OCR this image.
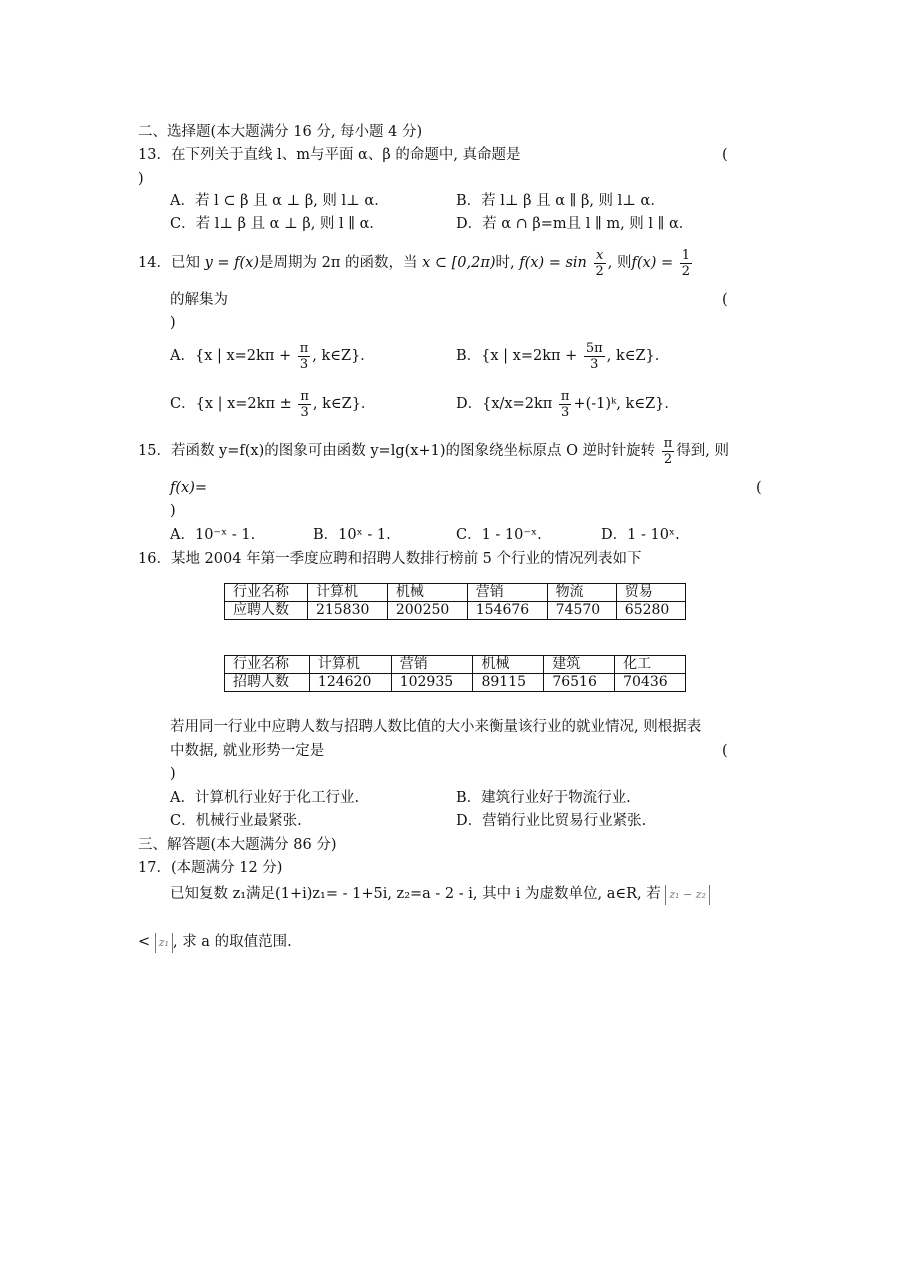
二、选择题(本大题满分 16 分, 每小题 4 分)
13．在下列关于直线 l、m与平面 α、β 的命题中, 真命题是	(
)
A．若 l ⊂ β 且 α ⊥ β, 则 l⊥ α．	B．若 l⊥ β 且 α ∥ β, 则 l⊥ α．
C．若 l⊥ β 且 α ⊥ β, 则 l ∥ α．	D．若 α ∩ β=m且 l ∥ m, 则 l ∥ α．
14．已知 y = f(x)是周期为 2π 的函数，当 x ⊂ [0,2π)时, $f(x) = \sin \frac{x}{2}$ , 则$f(x) = \frac{1}{2}$
的解集为	(
)
A．{x | $x=2k\pi + \frac{\pi}{3}$ , k∈Z}．	B．{x | $x=2k\pi + \frac{5\pi}{3}$ , k∈Z}．
C．{x | $x=2k\pi \pm \frac{\pi}{3}$ , k∈Z}．	D．{$x/x=2k\pi \frac{\pi}{3}$ +(-1)ᵏ, k∈Z}．
15．若函数 y=f(x)的图象可由函数 y=lg(x+1)的图象绕坐标原点 O 逆时针旋转 $\frac{\pi}{2}$ 得到, 则
f(x)=	(
)
A．10⁻ˣ - 1.	B．10ˣ - 1.	C．1 - 10⁻ˣ.	D．1 - 10ˣ.
16．某地 2004 年第一季度应聘和招聘人数排行榜前 5 个行业的情况列表如下
行业名称	计算机	机械	营销	物流	贸易
应聘人数	215830	200250	154676	74570	65280
行业名称	计算机	营销	机械	建筑	化工
招聘人数	124620	102935	89115	76516	70436
若用同一行业中应聘人数与招聘人数比值的大小来衡量该行业的就业情况, 则根据表
中数据, 就业形势一定是	(
)
A．计算机行业好于化工行业.	B．建筑行业好于物流行业.
C．机械行业最紧张.	D．营销行业比贸易行业紧张.
三、解答题(本大题满分 86 分)
17．(本题满分 12 分)
已知复数 z₁满足(1+i)z₁= - 1+5i, z₂=a - 2 - i, 其中 i 为虚数单位, a∈R, 若 z₁ − z₂
< z₁ , 求 a 的取值范围.
